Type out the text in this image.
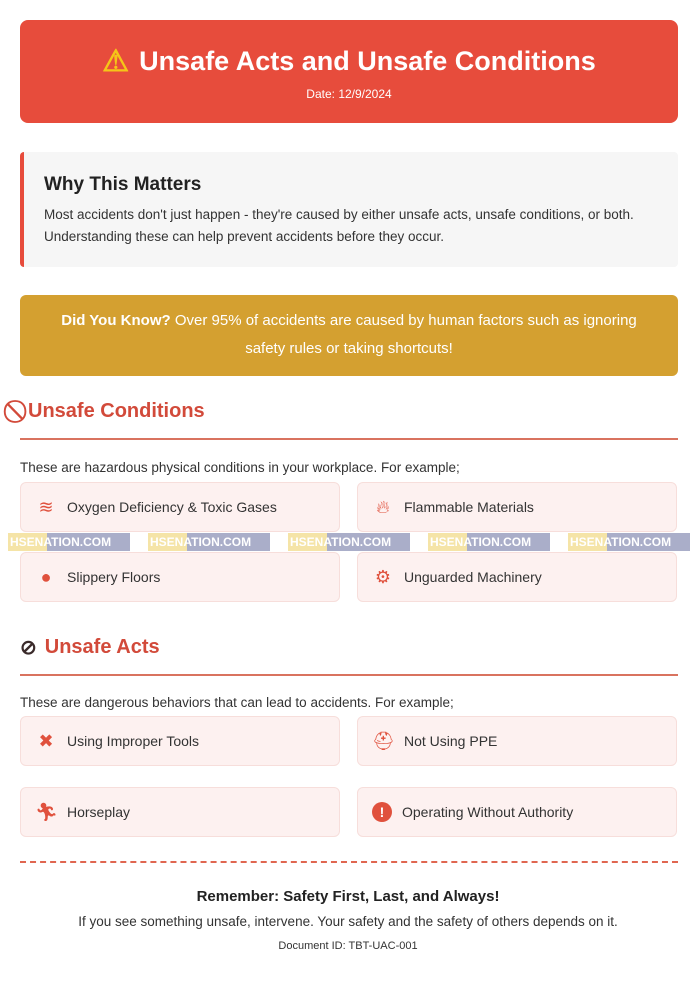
⚠ Unsafe Acts and Unsafe Conditions
Date: 12/9/2024
Why This Matters

Most accidents don't just happen - they're caused by either unsafe acts, unsafe conditions, or both. Understanding these can help prevent accidents before they occur.

Did You Know? Over 95% of accidents are caused by human factors such as ignoring safety rules or taking shortcuts!
Unsafe Conditions
These are hazardous physical conditions in your workplace. For example;
≋ Oxygen Deficiency & Toxic Gases	🔥︎	Flammable Materials
●	Slippery Floors	⚙ Unguarded Machinery
HSENATION.COM	HSENATION.COM	HSENATION.COM	HSENATION.COM	HSENATION.COM
⊘ Unsafe Acts
These are dangerous behaviors that can lead to accidents. For example;
✖ Using Improper Tools	⛑ Not Using PPE
🏃︎ Horseplay	!	Operating Without Authority
Remember: Safety First, Last, and Always!
If you see something unsafe, intervene. Your safety and the safety of others depends on it.
Document ID: TBT-UAC-001
